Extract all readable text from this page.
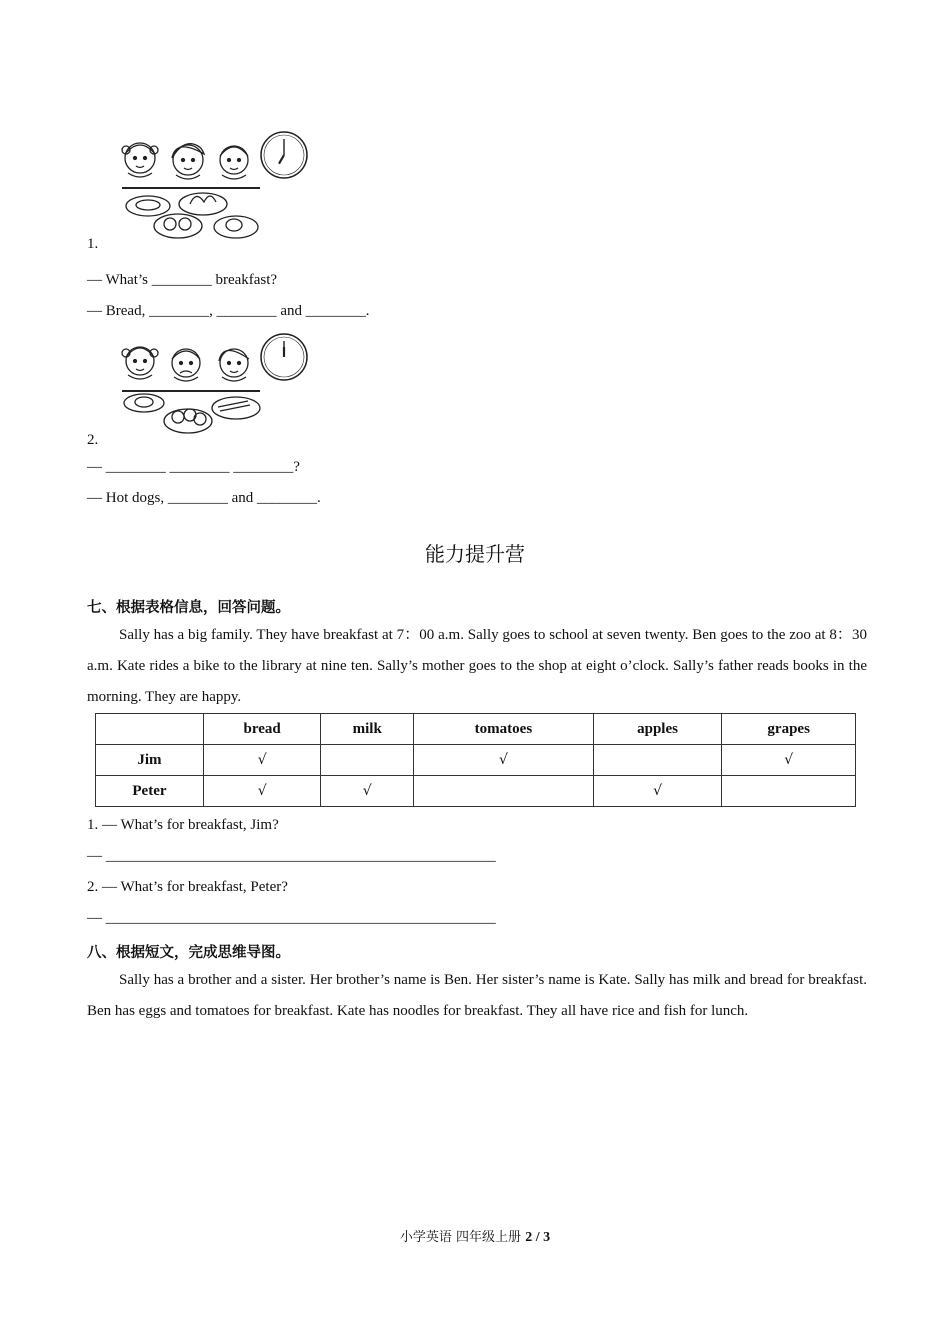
1.
— What’s ________ breakfast?
— Bread, ________, ________ and ________.
2.
— ________ ________ ________?
— Hot dogs, ________ and ________.
能力提升营
七、根据表格信息，回答问题。
Sally has a big family. They have breakfast at 7：00 a.m. Sally goes to school at seven twenty. Ben goes to the zoo at 8：30 a.m. Kate rides a bike to the library at nine ten. Sally’s mother goes to the shop at eight o’clock. Sally’s father reads books in the morning. They are happy.
	bread	milk	tomatoes	apples	grapes
Jim	√		√		√
Peter	√	√		√	
1. — What’s for breakfast, Jim?
— ____________________________________________________
2. — What’s for breakfast, Peter?
— ____________________________________________________
八、根据短文，完成思维导图。
Sally has a brother and a sister. Her brother’s name is Ben. Her sister’s name is Kate. Sally has milk and bread for breakfast. Ben has eggs and tomatoes for breakfast. Kate has noodles for breakfast. They all have rice and fish for lunch.
小学英语 四年级上册 2 / 3
